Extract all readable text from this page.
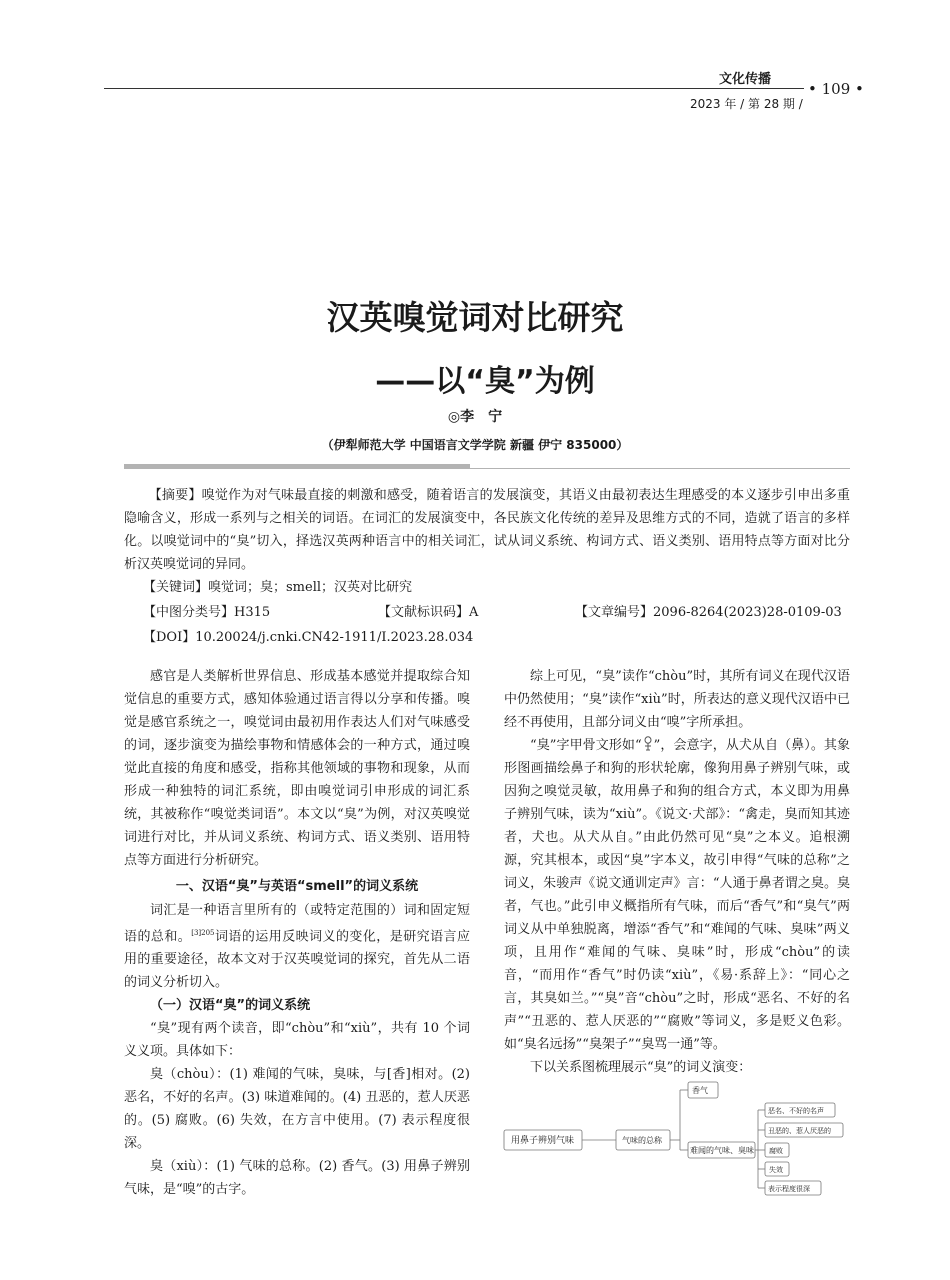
文化传播
• 109 •
2023 年 / 第 28 期 /
汉英嗅觉词对比研究
——以“臭”为例
◎李　宁
（伊犁师范大学 中国语言文学学院 新疆 伊宁 835000）
【摘要】嗅觉作为对气味最直接的刺激和感受，随着语言的发展演变，其语义由最初表达生理感受的本义逐步引申出多重隐喻含义，形成一系列与之相关的词语。在词汇的发展演变中，各民族文化传统的差异及思维方式的不同，造就了语言的多样化。以嗅觉词中的“臭”切入，择选汉英两种语言中的相关词汇，试从词义系统、构词方式、语义类别、语用特点等方面对比分析汉英嗅觉词的异同。
【关键词】嗅觉词；臭；smell；汉英对比研究
【中图分类号】H315	【文献标识码】A	【文章编号】2096-8264(2023)28-0109-03
【DOI】10.20024/j.cnki.CN42-1911/I.2023.28.034

感官是人类解析世界信息、形成基本感觉并提取综合知觉信息的重要方式，感知体验通过语言得以分享和传播。嗅觉是感官系统之一，嗅觉词由最初用作表达人们对气味感受的词，逐步演变为描绘事物和情感体会的一种方式，通过嗅觉此直接的角度和感受，指称其他领域的事物和现象，从而形成一种独特的词汇系统，即由嗅觉词引申形成的词汇系统，其被称作“嗅觉类词语”。本文以“臭”为例，对汉英嗅觉词进行对比，并从词义系统、构词方式、语义类别、语用特点等方面进行分析研究。

一、汉语“臭”与英语“smell”的词义系统

词汇是一种语言里所有的（或特定范围的）词和固定短语的总和。$^{[3]205}$词语的运用反映词义的变化，是研究语言应用的重要途径，故本文对于汉英嗅觉词的探究，首先从二语的词义分析切入。

（一）汉语“臭”的词义系统

“臭”现有两个读音，即“chòu”和“xiù”，共有 10 个词义义项。具体如下：

臭（chòu）：(1) 难闻的气味，臭味，与[香]相对。(2) 恶名，不好的名声。(3) 味道难闻的。(4) 丑恶的，惹人厌恶的。(5) 腐败。(6) 失效，在方言中使用。(7) 表示程度很深。

臭（xiù）：(1) 气味的总称。(2) 香气。(3) 用鼻子辨别气味，是“嗅”的古字。

综上可见，“臭”读作“chòu”时，其所有词义在现代汉语中仍然使用；“臭”读作“xiù”时，所表达的意义现代汉语中已经不再使用，且部分词义由“嗅”字所承担。

“臭”字甲骨文形如“ ”，会意字，从犬从自（鼻）。其象形图画描绘鼻子和狗的形状轮廓，像狗用鼻子辨别气味，或因狗之嗅觉灵敏，故用鼻子和狗的组合方式，本义即为用鼻子辨别气味，读为“xiù”。《说文·犬部》：“禽走，臭而知其迹者，犬也。从犬从自。”由此仍然可见“臭”之本义。追根溯源，究其根本，或因“臭”字本义，故引申得“气味的总称”之词义，朱骏声《说文通训定声》言：“人通于鼻者谓之臭。臭者，气也。”此引申义概指所有气味，而后“香气”和“臭气”两词义从中单独脱离，增添“香气”和“难闻的气味、臭味”两义项，且用作“难闻的气味、臭味”时，形成“chòu”的读音，“而用作“香气”时仍读“xiù”，《易·系辞上》：“同心之言，其臭如兰。”“臭”音“chòu”之时，形成“恶名、不好的名声”“丑恶的、惹人厌恶的”“腐败”等词义，多是贬义色彩。如“臭名远扬”“臭架子”“臭骂一通”等。

下以关系图梳理展示“臭”的词义演变：

用鼻子辨别气味	气味的总称
香气
难闻的气味、臭味
恶名、不好的名声
丑恶的、惹人厌恶的
腐败
失效
表示程度很深
